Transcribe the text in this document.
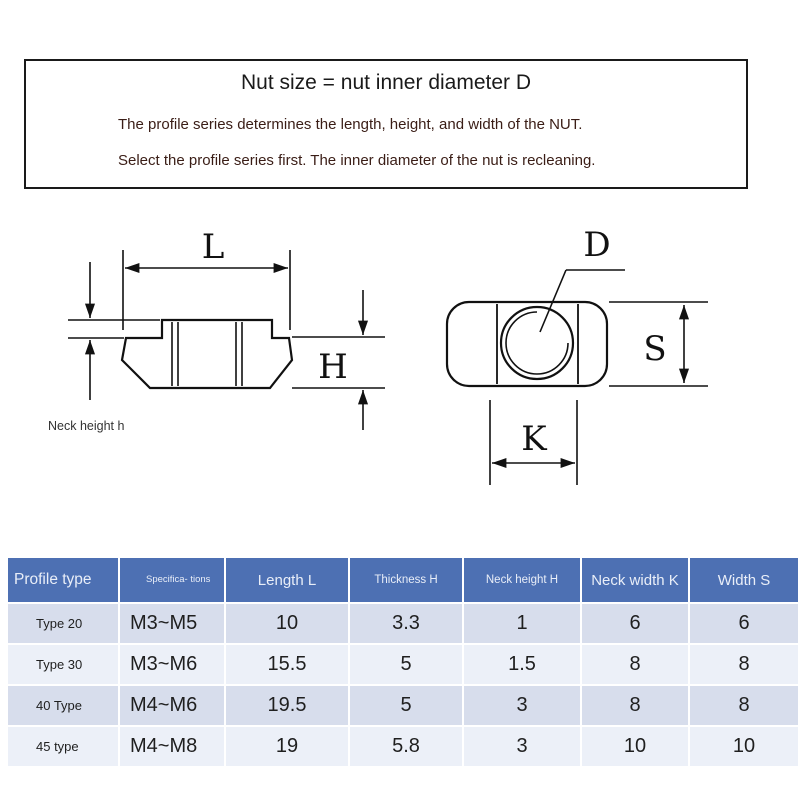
Nut size = nut inner diameter D
The profile series determines the length, height, and width of the NUT.
Select the profile series first. The inner diameter of the nut is recleaning.
L
H
D
S
K
Neck height h
Profile type	Specifica- tions	Length L	Thickness H	Neck height H	Neck width K	Width S
Type 20	M3~M5	10	3.3	1	6	6
Type 30	M3~M6	15.5	5	1.5	8	8
40 Type	M4~M6	19.5	5	3	8	8
45 type	M4~M8	19	5.8	3	10	10
